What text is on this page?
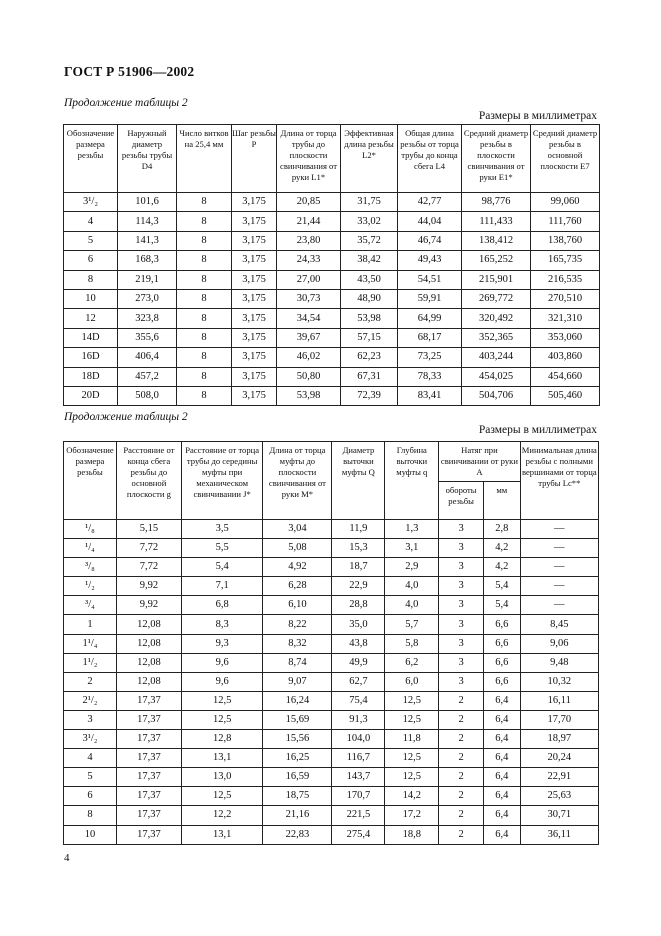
ГОСТ Р 51906—2002
Продолжение таблицы 2
Размеры в миллиметрах
Обозначение размера резьбы	Наружный диаметр резьбы трубы D4	Число витков на 25,4 мм	Шаг резьбы P	Длина от торца трубы до плоскости свинчивания от руки L1*	Эффективная длина резьбы L2*	Общая длина резьбы от торца трубы до конца сбега L4	Средний диаметр резьбы в плоскости свинчивания от руки E1*	Средний диаметр резьбы в основной плоскости E7
3¹/₂	101,6	8	3,175	20,85	31,75	42,77	98,776	99,060
4	114,3	8	3,175	21,44	33,02	44,04	111,433	111,760
5	141,3	8	3,175	23,80	35,72	46,74	138,412	138,760
6	168,3	8	3,175	24,33	38,42	49,43	165,252	165,735
8	219,1	8	3,175	27,00	43,50	54,51	215,901	216,535
10	273,0	8	3,175	30,73	48,90	59,91	269,772	270,510
12	323,8	8	3,175	34,54	53,98	64,99	320,492	321,310
14D	355,6	8	3,175	39,67	57,15	68,17	352,365	353,060
16D	406,4	8	3,175	46,02	62,23	73,25	403,244	403,860
18D	457,2	8	3,175	50,80	67,31	78,33	454,025	454,660
20D	508,0	8	3,175	53,98	72,39	83,41	504,706	505,460
Продолжение таблицы 2
Размеры в миллиметрах
Обозначение размера резьбы	Расстояние от конца сбега резьбы до основной плоскости g	Расстояние от торца трубы до середины муфты при механическом свинчивании J*	Длина от торца муфты до плоскости свинчивания от руки M*	Диаметр выточки муфты Q	Глубина выточки муфты q	Натяг при свинчивании от руки A		Минимальная длина резьбы с полными вершинами от торца трубы Lc**
						обороты резьбы	мм	
¹/₈	5,15	3,5	3,04	11,9	1,3	3	2,8	—
¹/₄	7,72	5,5	5,08	15,3	3,1	3	4,2	—
³/₈	7,72	5,4	4,92	18,7	2,9	3	4,2	—
¹/₂	9,92	7,1	6,28	22,9	4,0	3	5,4	—
³/₄	9,92	6,8	6,10	28,8	4,0	3	5,4	—
1	12,08	8,3	8,22	35,0	5,7	3	6,6	8,45
1¹/₄	12,08	9,3	8,32	43,8	5,8	3	6,6	9,06
1¹/₂	12,08	9,6	8,74	49,9	6,2	3	6,6	9,48
2	12,08	9,6	9,07	62,7	6,0	3	6,6	10,32
2¹/₂	17,37	12,5	16,24	75,4	12,5	2	6,4	16,11
3	17,37	12,5	15,69	91,3	12,5	2	6,4	17,70
3¹/₂	17,37	12,8	15,56	104,0	11,8	2	6,4	18,97
4	17,37	13,1	16,25	116,7	12,5	2	6,4	20,24
5	17,37	13,0	16,59	143,7	12,5	2	6,4	22,91
6	17,37	12,5	18,75	170,7	14,2	2	6,4	25,63
8	17,37	12,2	21,16	221,5	17,2	2	6,4	30,71
10	17,37	13,1	22,83	275,4	18,8	2	6,4	36,11
4
